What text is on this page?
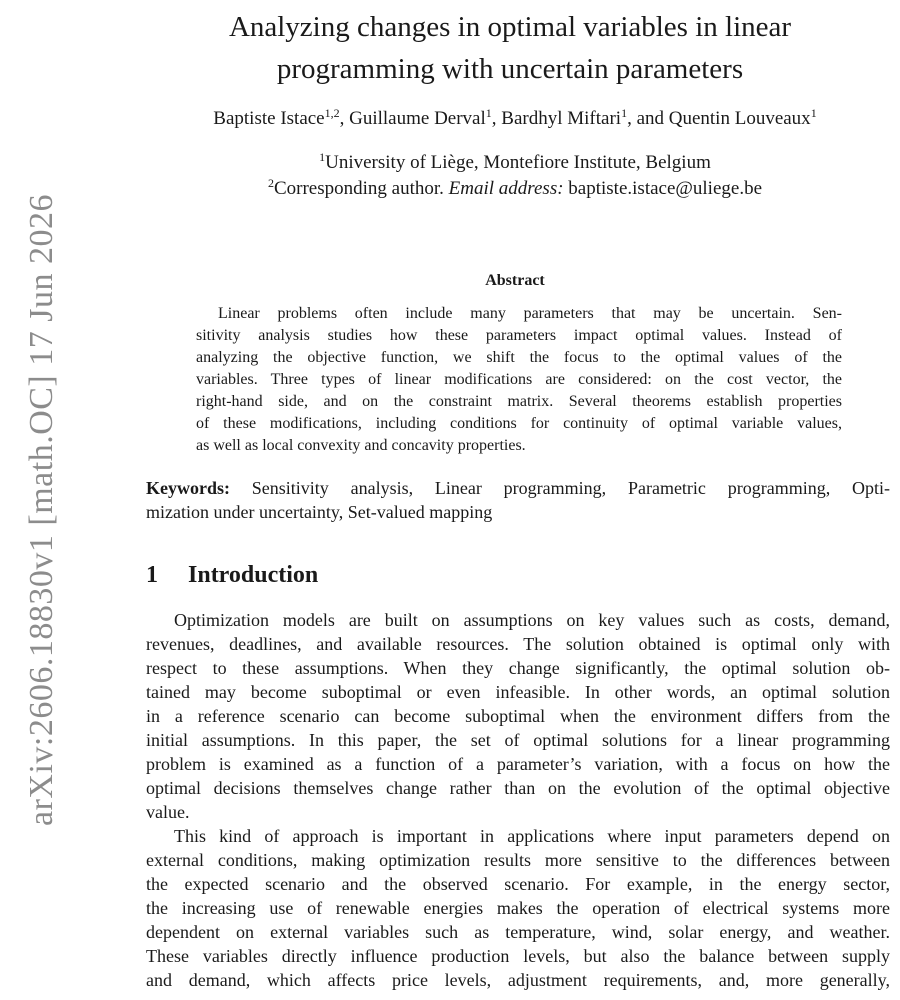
arXiv:2606.18830v1 [math.OC] 17 Jun 2026
Analyzing changes in optimal variables in linear
programming with uncertain parameters
Baptiste Istace$^{1,2}$, Guillaume Derval$^1$, Bardhyl Miftari$^1$, and Quentin Louveaux$^1$
$^1$University of Liège, Montefiore Institute, Belgium
$^2$Corresponding author. Email address: baptiste.istace@uliege.be
Abstract
Linear problems often include many parameters that may be uncertain. Sen-
sitivity analysis studies how these parameters impact optimal values. Instead of
analyzing the objective function, we shift the focus to the optimal values of the
variables. Three types of linear modifications are considered: on the cost vector, the
right-hand side, and on the constraint matrix. Several theorems establish properties
of these modifications, including conditions for continuity of optimal variable values,
as well as local convexity and concavity properties.
Keywords: Sensitivity analysis, Linear programming, Parametric programming, Opti-
mization under uncertainty, Set-valued mapping
1 Introduction
Optimization models are built on assumptions on key values such as costs, demand,
revenues, deadlines, and available resources. The solution obtained is optimal only with
respect to these assumptions. When they change significantly, the optimal solution ob-
tained may become suboptimal or even infeasible. In other words, an optimal solution
in a reference scenario can become suboptimal when the environment differs from the
initial assumptions. In this paper, the set of optimal solutions for a linear programming
problem is examined as a function of a parameter’s variation, with a focus on how the
optimal decisions themselves change rather than on the evolution of the optimal objective
value.
This kind of approach is important in applications where input parameters depend on
external conditions, making optimization results more sensitive to the differences between
the expected scenario and the observed scenario. For example, in the energy sector,
the increasing use of renewable energies makes the operation of electrical systems more
dependent on external variables such as temperature, wind, solar energy, and weather.
These variables directly influence production levels, but also the balance between supply
and demand, which affects price levels, adjustment requirements, and, more generally,
